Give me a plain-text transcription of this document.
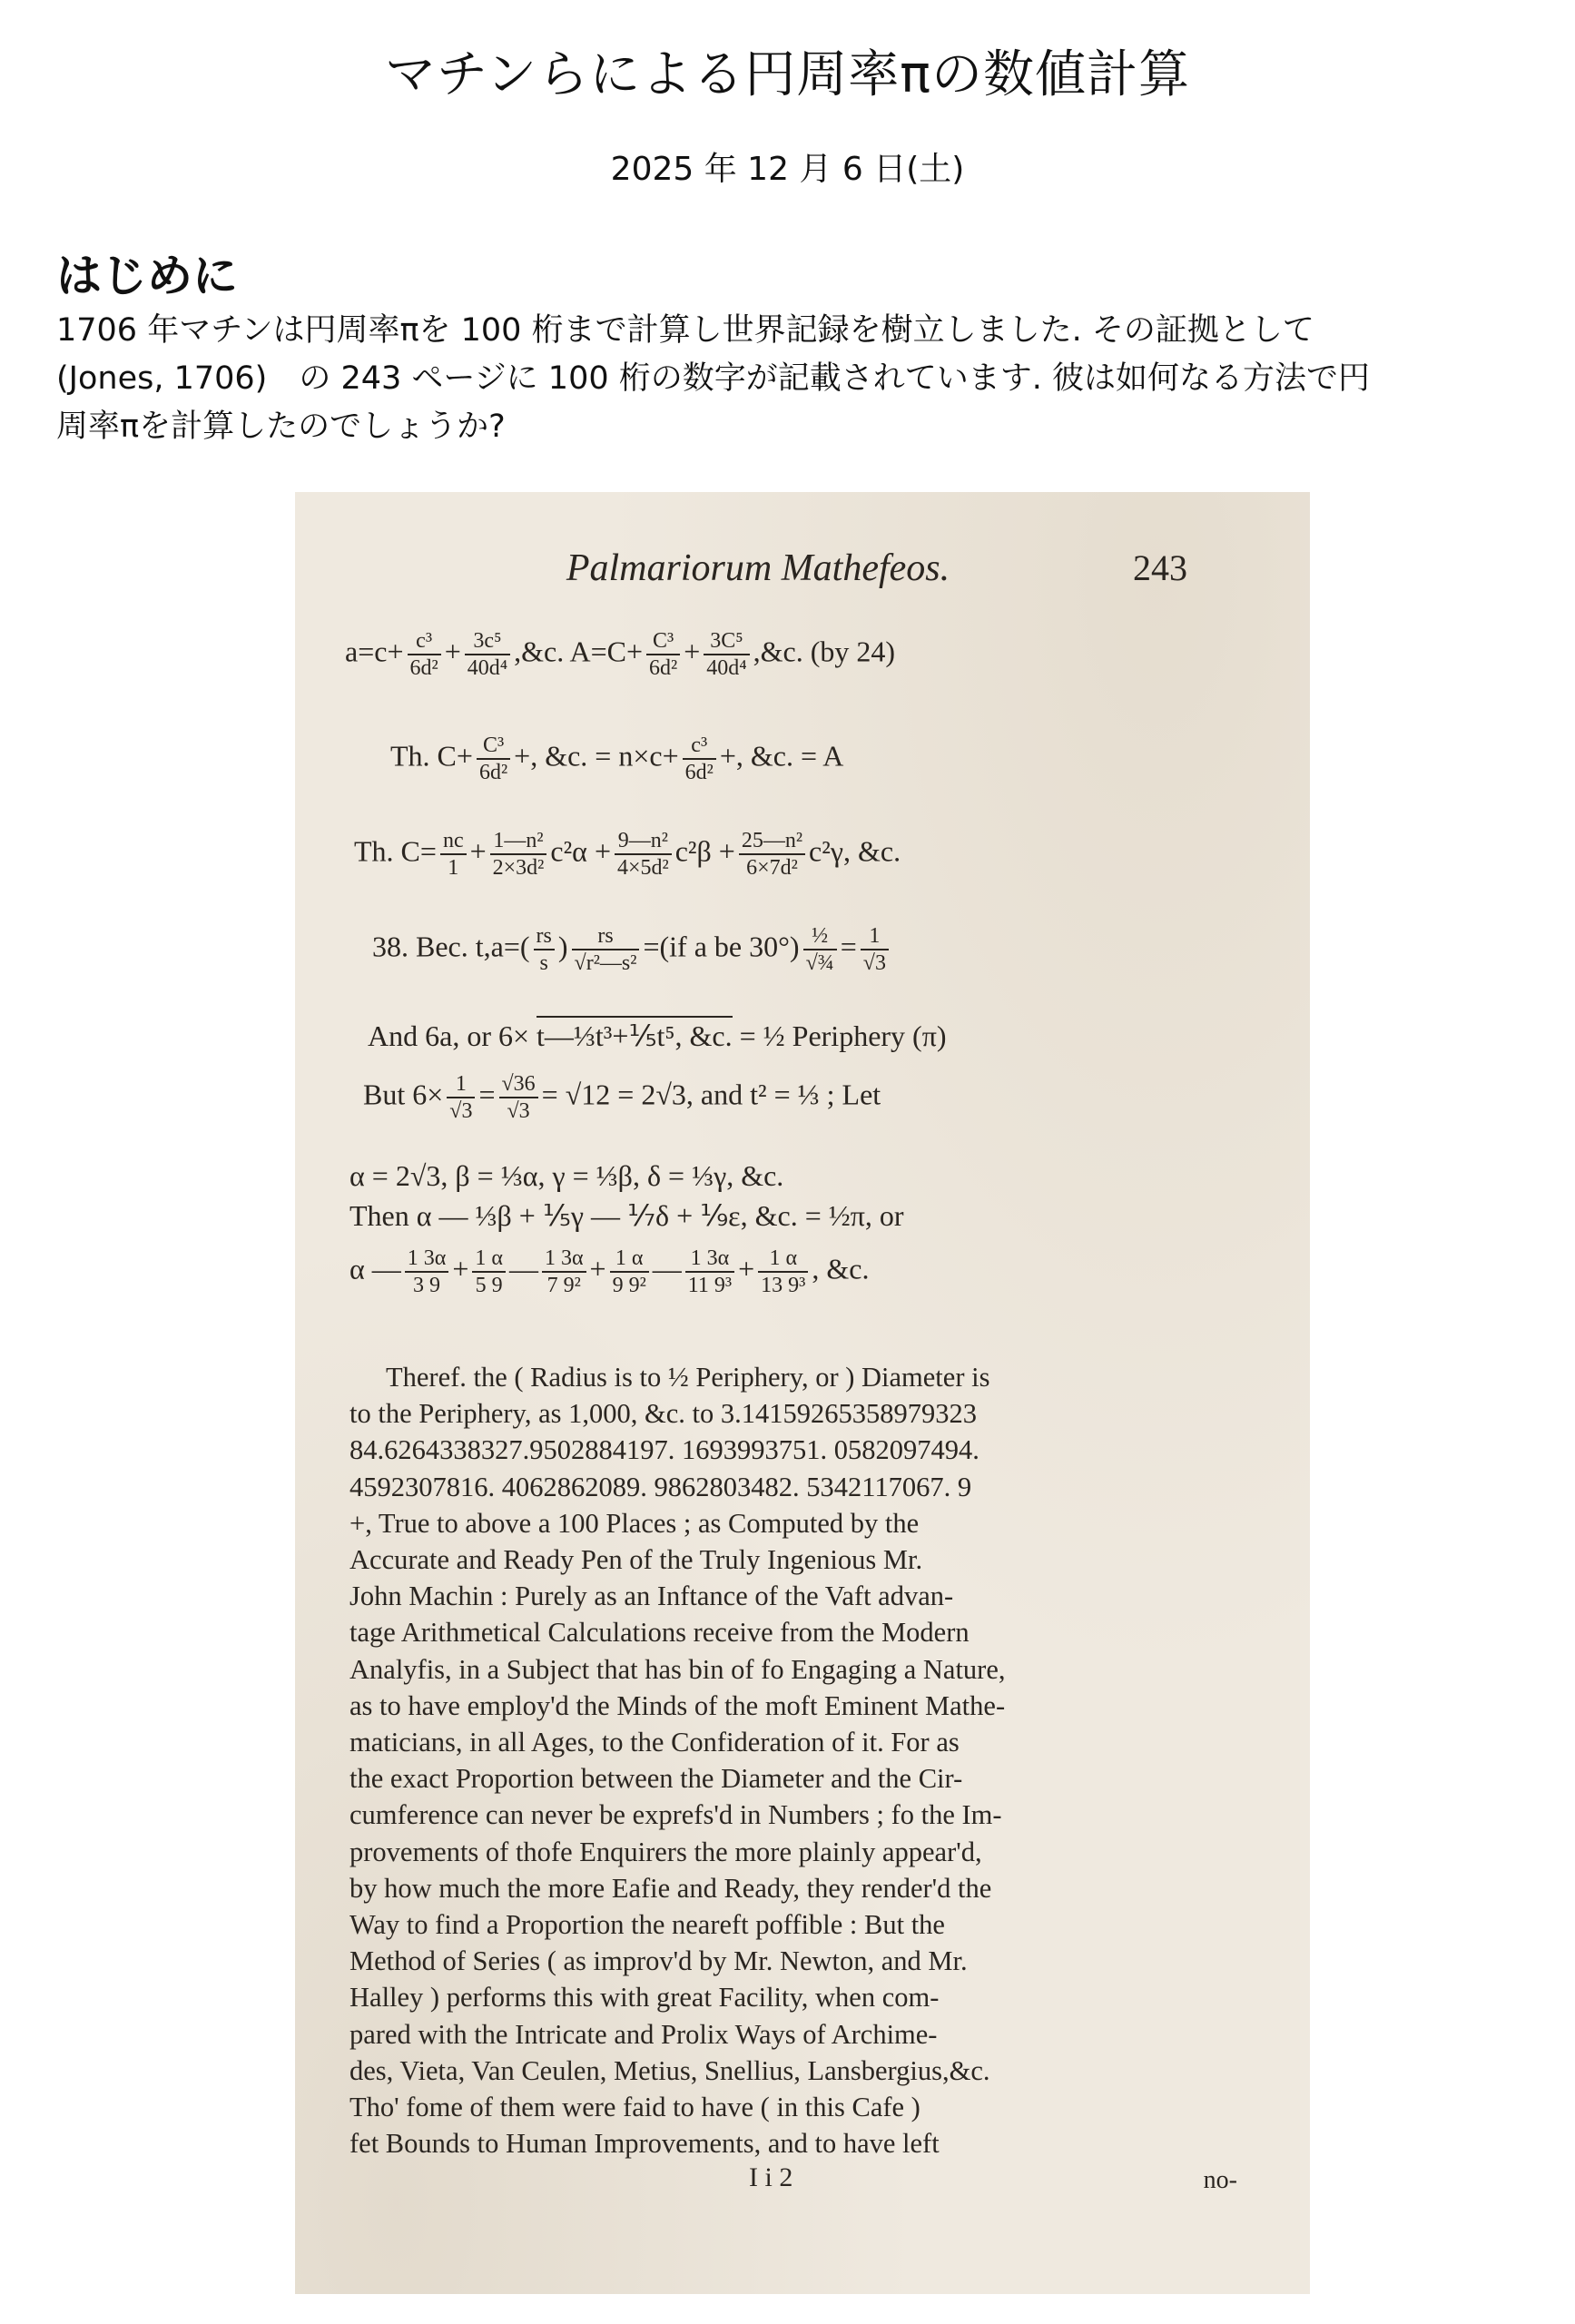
マチンらによる円周率πの数値計算

2025 年 12 月 6 日(土)

はじめに

1706 年マチンは円周率πを 100 桁まで計算し世界記録を樹立しました. その証拠として
(Jones, 1706)　の 243 ページに 100 桁の数字が記載されています. 彼は如何なる方法で円
周率πを計算したのでしょうか?

Palmariorum Mathefeos.	243
$a=c+ \frac{\text{c³}}{\text{6d²}} + \frac{\text{3c⁵}}{\text{40d⁴}}$ ,&c. $A=C+ \frac{\text{C³}}{\text{6d²}} + \frac{\text{3C⁵}}{\text{40d⁴}}$ ,&c. (by 24)
Th. $C+ \frac{\text{C³}}{\text{6d²}}$ +, &c. = $n\times c+ \frac{\text{c³}}{\text{6d²}}$ +, &c. = A
Th. $C= \frac{nc}{1} + \frac{\text{1—n²}}{\text{2×3d²}} c^2\alpha + \frac{\text{9—n²}}{\text{4×5d²}} c^2\beta + \frac{\text{25—n²}}{\text{6×7d²}} c^2\gamma$, &c.
38. Bec. $t,a=( \frac{rs}{s}$ ) $\frac{rs}{\text{√r²—s²}} =(if$ a be $30^\circ) \frac{\text{½}}{\text{√¾}} = \frac{1}{√3}$
And 6a, or 6× t—⅓t³+⅕t⁵, &c. = ½ Periphery (π)
But $6\times \frac{1}{√3} = \frac{√36}{√3} = √12 = 2√3$, and t² = ⅓ ; Let
α = 2√3, β = ⅓α, γ = ⅓β, δ = ⅓γ, &c.
Then α — ⅓β + ⅕γ — ⅐δ + ⅑ε, &c. = ½π, or
α — $\frac{1 3\alpha}{3 9} + \frac{1 \alpha}{5 9}$ — $\frac{1 3\alpha}{\text{7 9²}} + \frac{1 \alpha}{\text{9 9²}}$ — $\frac{1 3\alpha}{\text{11 9³}} + \frac{1 \alpha}{\text{13 9³}}$ , &c.
Theref. the ( Radius is to ½ Periphery, or ) Diameter is
to the Periphery, as 1,000, &c. to 3.14159265358979323
84.6264338327.9502884197. 1693993751. 0582097494.
4592307816. 4062862089. 9862803482. 5342117067. 9
+, True to above a 100 Places ; as Computed by the
Accurate and Ready Pen of the Truly Ingenious Mr.
John Machin : Purely as an Inftance of the Vaft advan-
tage Arithmetical Calculations receive from the Modern
Analyfis, in a Subject that has bin of fo Engaging a Nature,
as to have employ'd the Minds of the moft Eminent Mathe-
maticians, in all Ages, to the Confideration of it. For as
the exact Proportion between the Diameter and the Cir-
cumference can never be exprefs'd in Numbers ; fo the Im-
provements of thofe Enquirers the more plainly appear'd,
by how much the more Eafie and Ready, they render'd the
Way to find a Proportion the neareft poffible : But the
Method of Series ( as improv'd by Mr. Newton, and Mr.
Halley ) performs this with great Facility, when com-
pared with the Intricate and Prolix Ways of Archime-
des, Vieta, Van Ceulen, Metius, Snellius, Lansbergius,&c.
Tho' fome of them were faid to have ( in this Cafe )
fet Bounds to Human Improvements, and to have left
I i 2	no-
